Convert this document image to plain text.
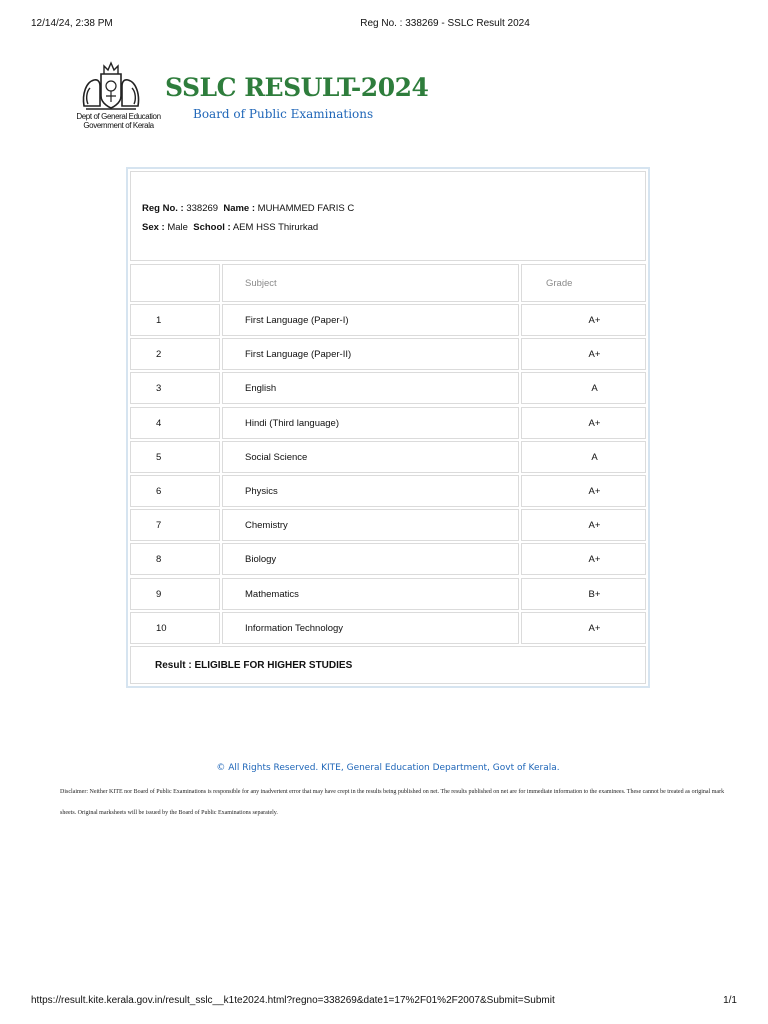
12/14/24, 2:38 PM	Reg No. : 338269 - SSLC Result 2024
Dept of General Education
Government of Kerala
SSLC RESULT-2024
Board of Public Examinations
Reg No. : 338269 Name : MUHAMMED FARIS C
Sex : Male School : AEM HSS Thirurkad
Subject	Grade
1	First Language (Paper-I)	A+
2	First Language (Paper-II)	A+
3	English	A
4	Hindi (Third language)	A+
5	Social Science	A
6	Physics	A+
7	Chemistry	A+
8	Biology	A+
9	Mathematics	B+
10	Information Technology	A+
Result : ELIGIBLE FOR HIGHER STUDIES
© All Rights Reserved. KITE, General Education Department, Govt of Kerala.
Disclaimer: Neither KITE nor Board of Public Examinations is responsible for any inadvertent error that may have crept in the results being published on net. The results published on net are for immediate information to the examinees. These cannot be treated as original mark sheets. Original marksheets will be issued by the Board of Public Examinations separately.
https://result.kite.kerala.gov.in/result_sslc__k1te2024.html?regno=338269&date1=17%2F01%2F2007&Submit=Submit	1/1
